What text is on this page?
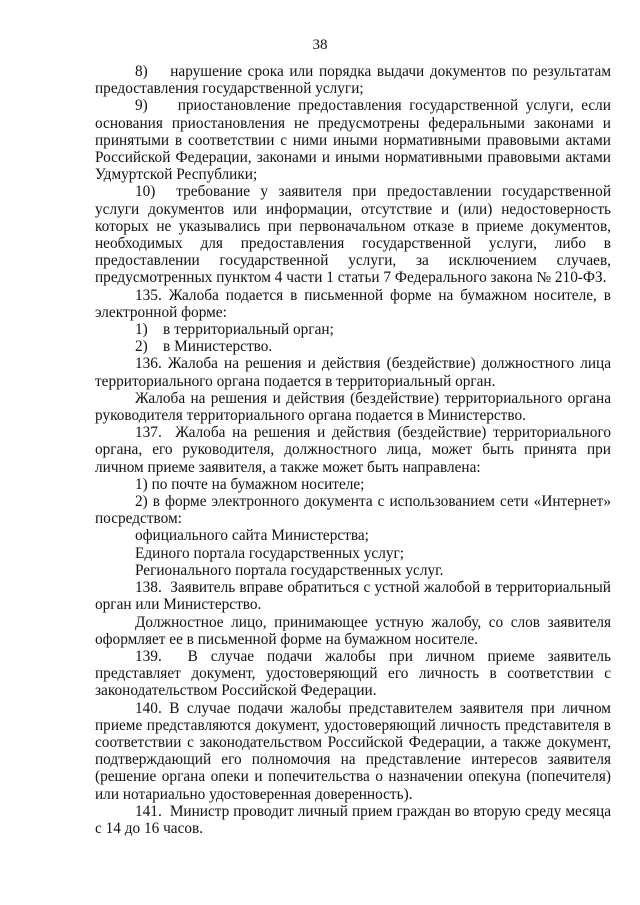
38

8)    нарушение срока или порядка выдачи документов по результатам предоставления государственной услуги;

9)    приостановление предоставления государственной услуги, если основания приостановления не предусмотрены федеральными законами и принятыми в соответствии с ними иными нормативными правовыми актами Российской Федерации, законами и иными нормативными правовыми актами Удмуртской Республики;

10)  требование у заявителя при предоставлении государственной услуги документов или информации, отсутствие и (или) недостоверность которых не указывались при первоначальном отказе в приеме документов, необходимых для предоставления государственной услуги, либо в предоставлении государственной услуги, за исключением случаев, предусмотренных пунктом 4 части 1 статьи 7 Федерального закона № 210-ФЗ.

135. Жалоба подается в письменной форме на бумажном носителе, в электронной форме:

1)    в территориальный орган;

2)    в Министерство.

136. Жалоба на решения и действия (бездействие) должностного лица территориального органа подается в территориальный орган.

Жалоба на решения и действия (бездействие) территориального органа руководителя территориального органа подается в Министерство.

137.  Жалоба на решения и действия (бездействие) территориального органа, его руководителя, должностного лица, может быть принята при личном приеме заявителя, а также может быть направлена:

1) по почте на бумажном носителе;

2) в форме электронного документа с использованием сети «Интернет» посредством:

официального сайта Министерства;

Единого портала государственных услуг;

Регионального портала государственных услуг.

138.  Заявитель вправе обратиться с устной жалобой в территориальный орган или Министерство.

Должностное лицо, принимающее устную жалобу, со слов заявителя оформляет ее в письменной форме на бумажном носителе.

139.  В случае подачи жалобы при личном приеме заявитель представляет документ, удостоверяющий его личность в соответствии с законодательством Российской Федерации.

140. В случае подачи жалобы представителем заявителя при личном приеме представляются документ, удостоверяющий личность представителя в соответствии с законодательством Российской Федерации, а также документ, подтверждающий его полномочия на представление интересов заявителя (решение органа опеки и попечительства о назначении опекуна (попечителя) или нотариально удостоверенная доверенность).

141.  Министр проводит личный прием граждан во вторую среду месяца с 14 до 16 часов.
